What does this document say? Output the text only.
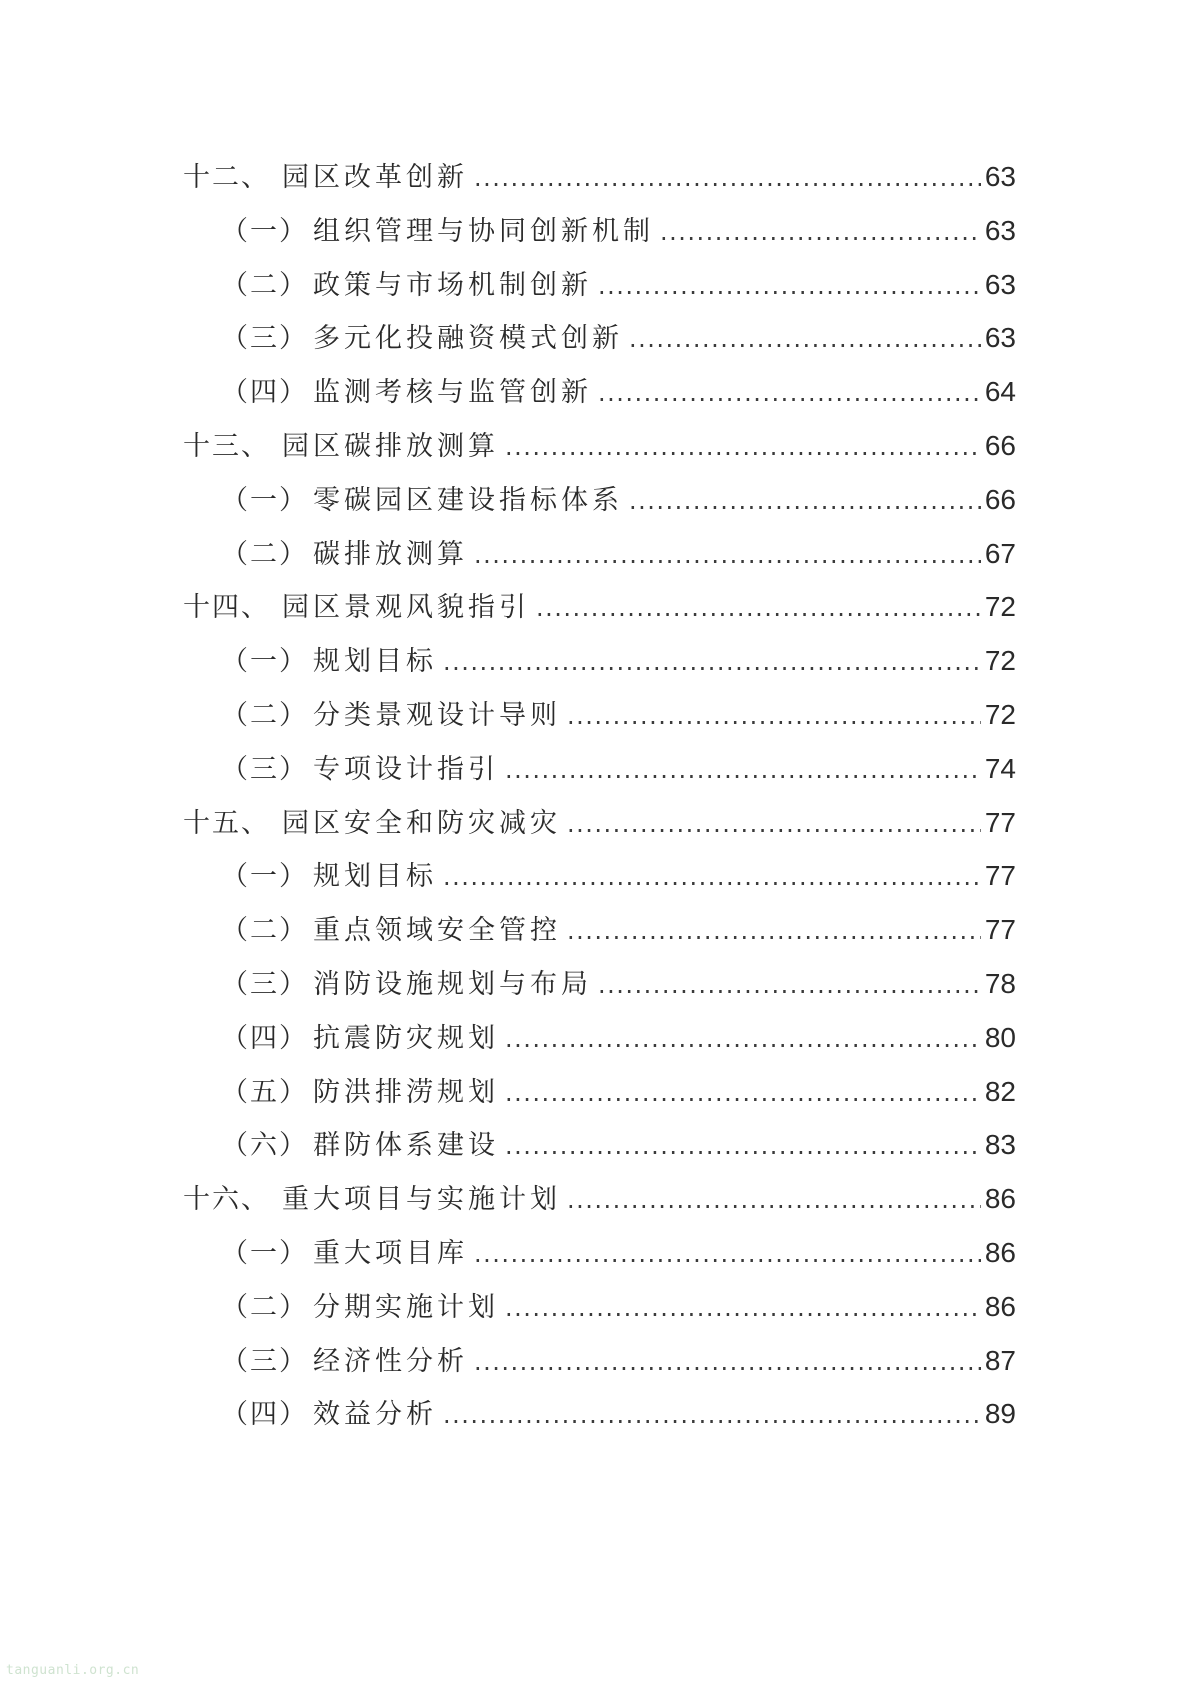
十二、 园区改革创新 .....	63
（一） 组织管理与协同创新机制 .....	63
（二） 政策与市场机制创新 .....	63
（三） 多元化投融资模式创新 .....	63
（四） 监测考核与监管创新 .....	64
十三、 园区碳排放测算 .....	66
（一） 零碳园区建设指标体系 .....	66
（二） 碳排放测算 .....	67
十四、 园区景观风貌指引 .....	72
（一） 规划目标 .....	72
（二） 分类景观设计导则 .....	72
（三） 专项设计指引 .....	74
十五、 园区安全和防灾减灾 .....	77
（一） 规划目标 .....	77
（二） 重点领域安全管控 .....	77
（三） 消防设施规划与布局 .....	78
（四） 抗震防灾规划 .....	80
（五） 防洪排涝规划 .....	82
（六） 群防体系建设 .....	83
十六、 重大项目与实施计划 .....	86
（一） 重大项目库 .....	86
（二） 分期实施计划 .....	86
（三） 经济性分析 .....	87
（四） 效益分析 .....	89
tanguanli.org.cn
